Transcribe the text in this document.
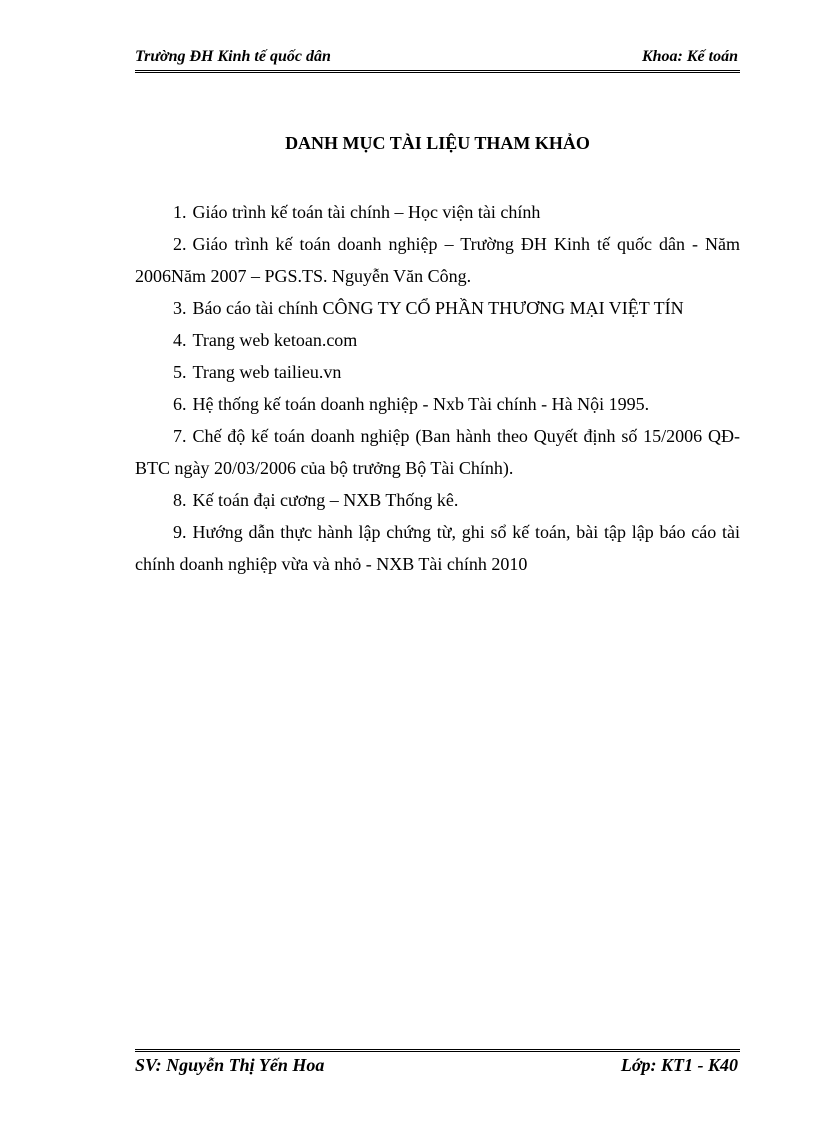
Trường ĐH Kinh tế quốc dân	Khoa: Kế toán
DANH MỤC TÀI LIỆU THAM KHẢO

1. Giáo trình kế toán tài chính – Học viện tài chính

2. Giáo trình kế toán doanh nghiệp – Trường ĐH Kinh tế quốc dân - Năm 2006Năm 2007 – PGS.TS. Nguyễn Văn Công.

3. Báo cáo tài chính CÔNG TY CỔ PHẦN THƯƠNG MẠI VIỆT TÍN

4. Trang web ketoan.com

5. Trang web tailieu.vn

6. Hệ thống kế toán doanh nghiệp - Nxb Tài chính - Hà Nội 1995.

7. Chế độ kế toán doanh nghiệp (Ban hành theo Quyết định số 15/2006 QĐ- BTC ngày 20/03/2006 của bộ trưởng Bộ Tài Chính).

8. Kế toán đại cương – NXB Thống kê.

9. Hướng dẫn thực hành lập chứng từ, ghi sổ kế toán, bài tập lập báo cáo tài chính doanh nghiệp vừa và nhỏ - NXB Tài chính 2010

SV: Nguyễn Thị Yến Hoa	Lớp: KT1 - K40
